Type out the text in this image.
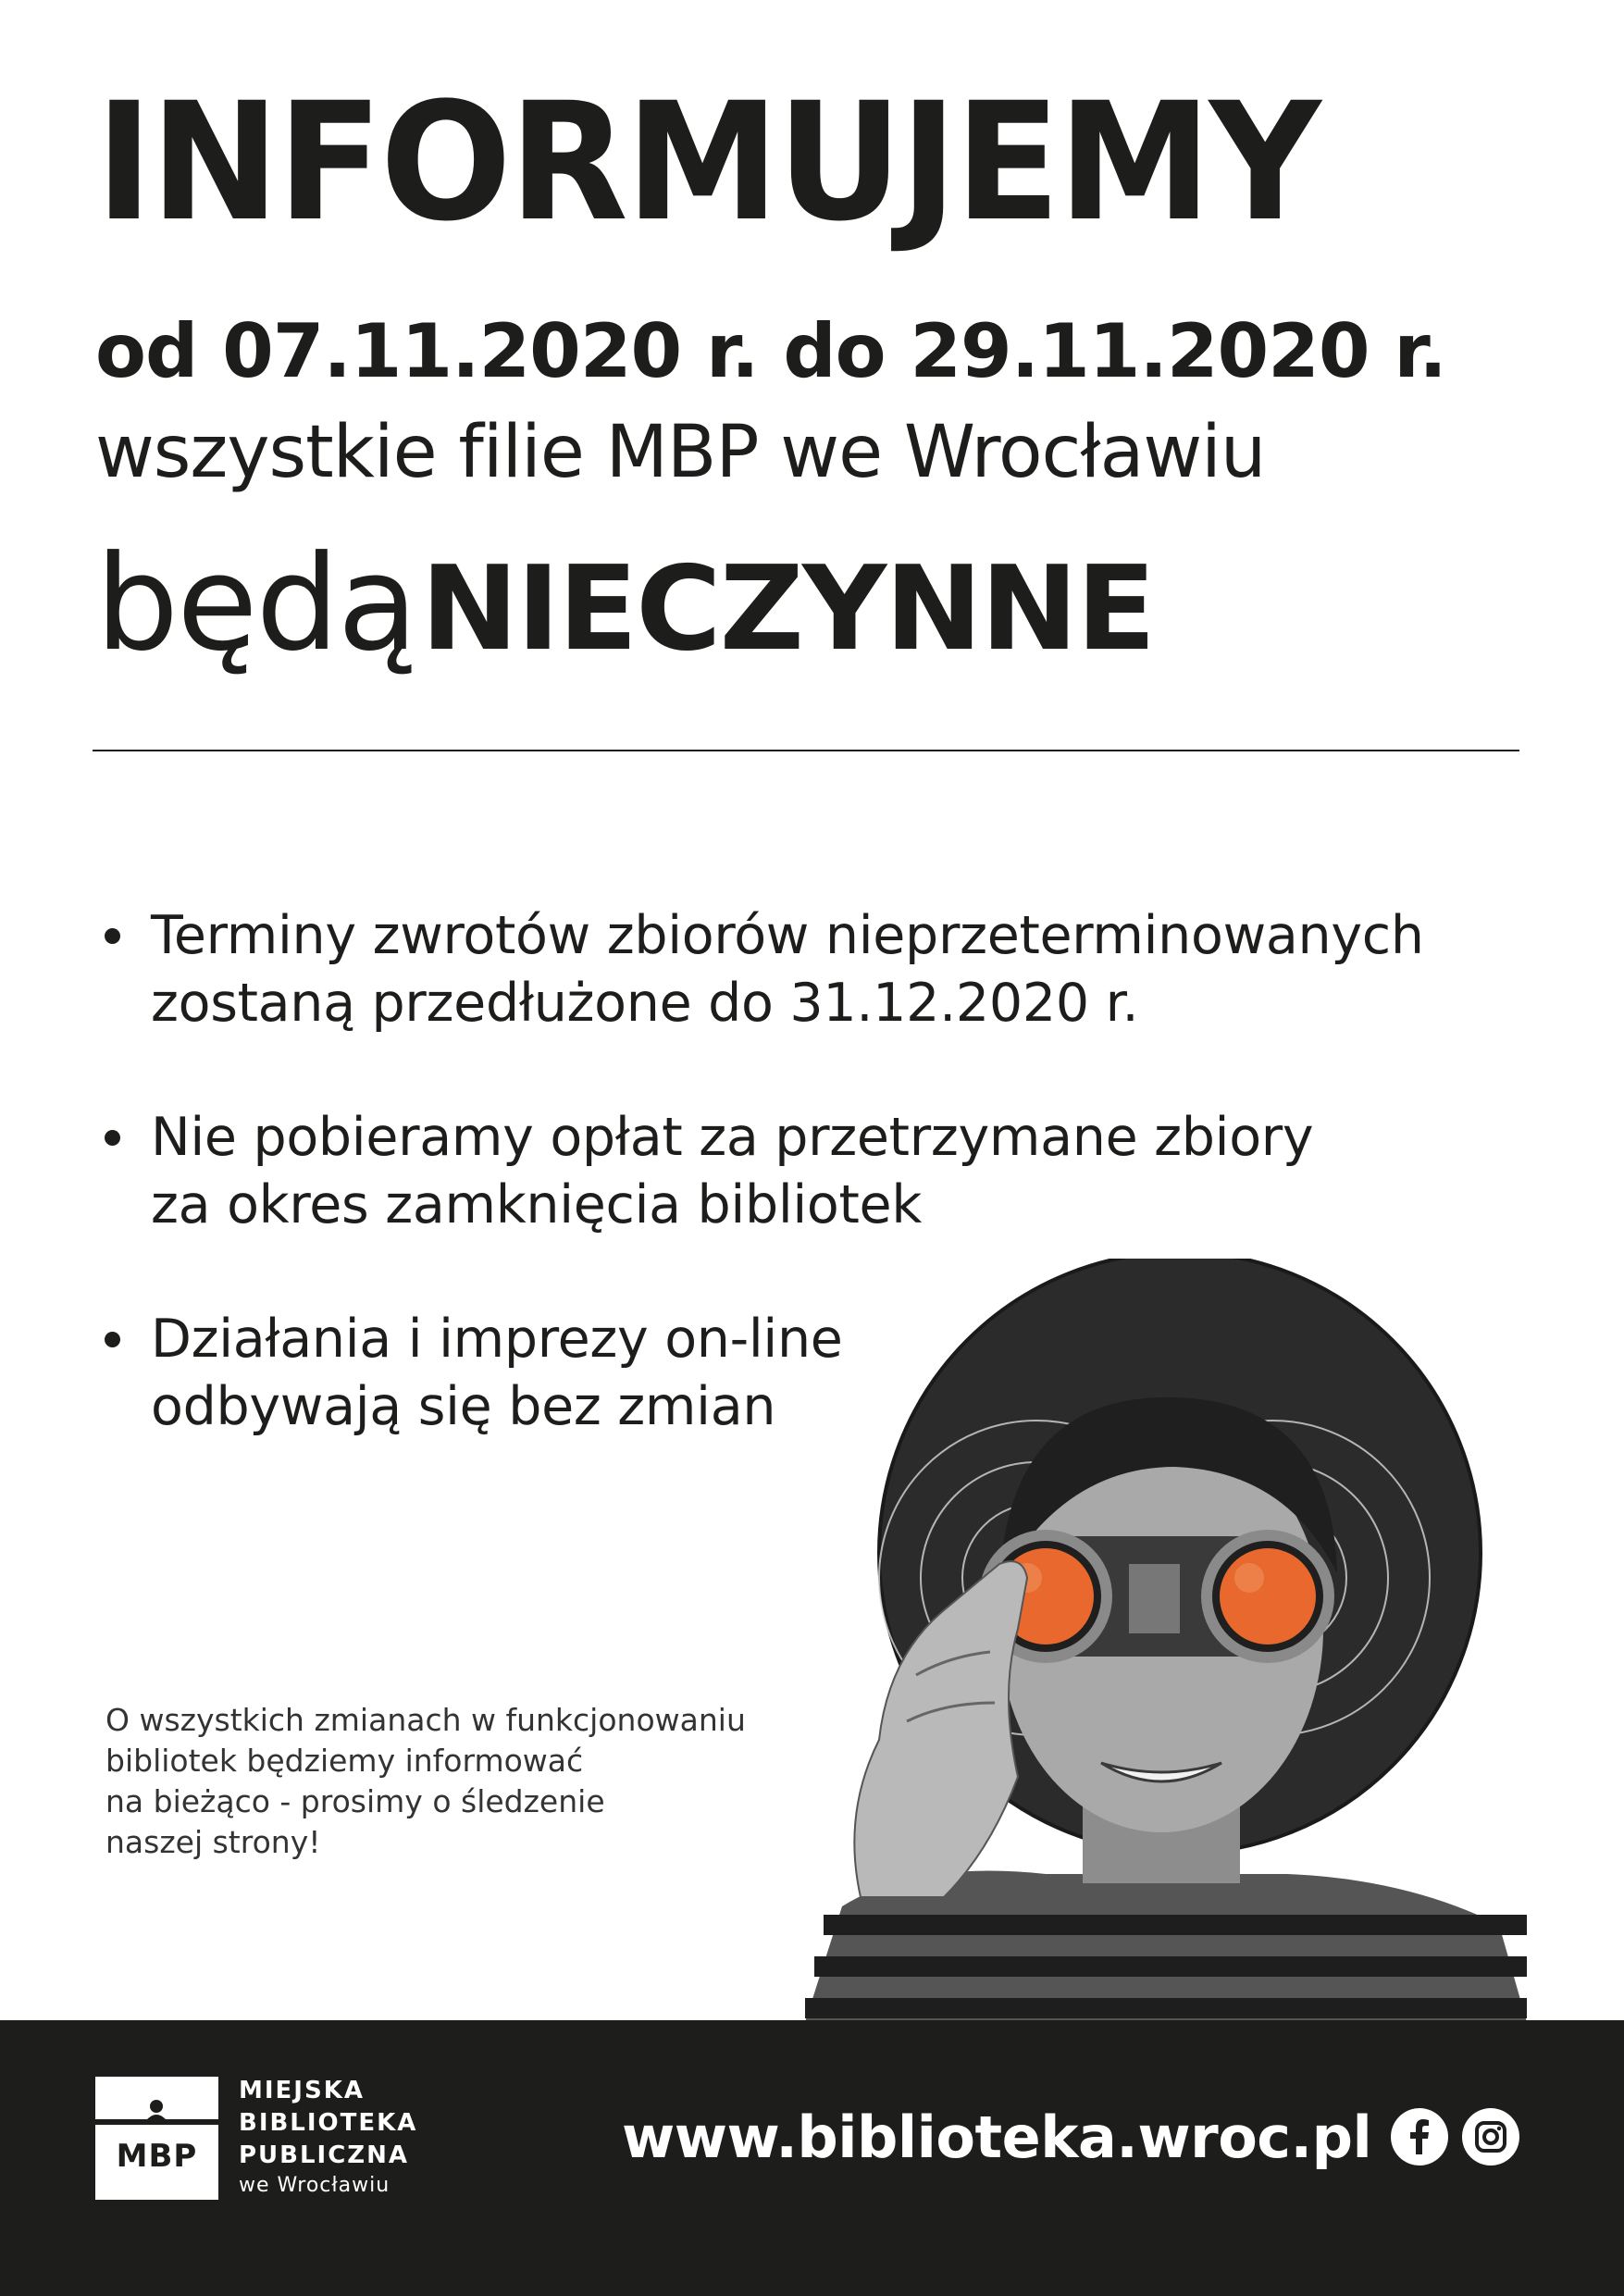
INFORMUJEMY
od 07.11.2020 r. do 29.11.2020 r.
wszystkie filie MBP we Wrocławiu
będą NIECZYNNE
Terminy zwrotów zbiorów nieprzeterminowanych
zostaną przedłużone do 31.12.2020 r.
Nie pobieramy opłat za przetrzymane zbiory
za okres zamknięcia bibliotek
Działania i imprezy on-line
odbywają się bez zmian
O wszystkich zmianach w funkcjonowaniu
bibliotek będziemy informować
na bieżąco - prosimy o śledzenie
naszej strony!
MBP
MIEJSKA
BIBLIOTEKA
PUBLICZNA
we Wrocławiu
www.biblioteka.wroc.pl
